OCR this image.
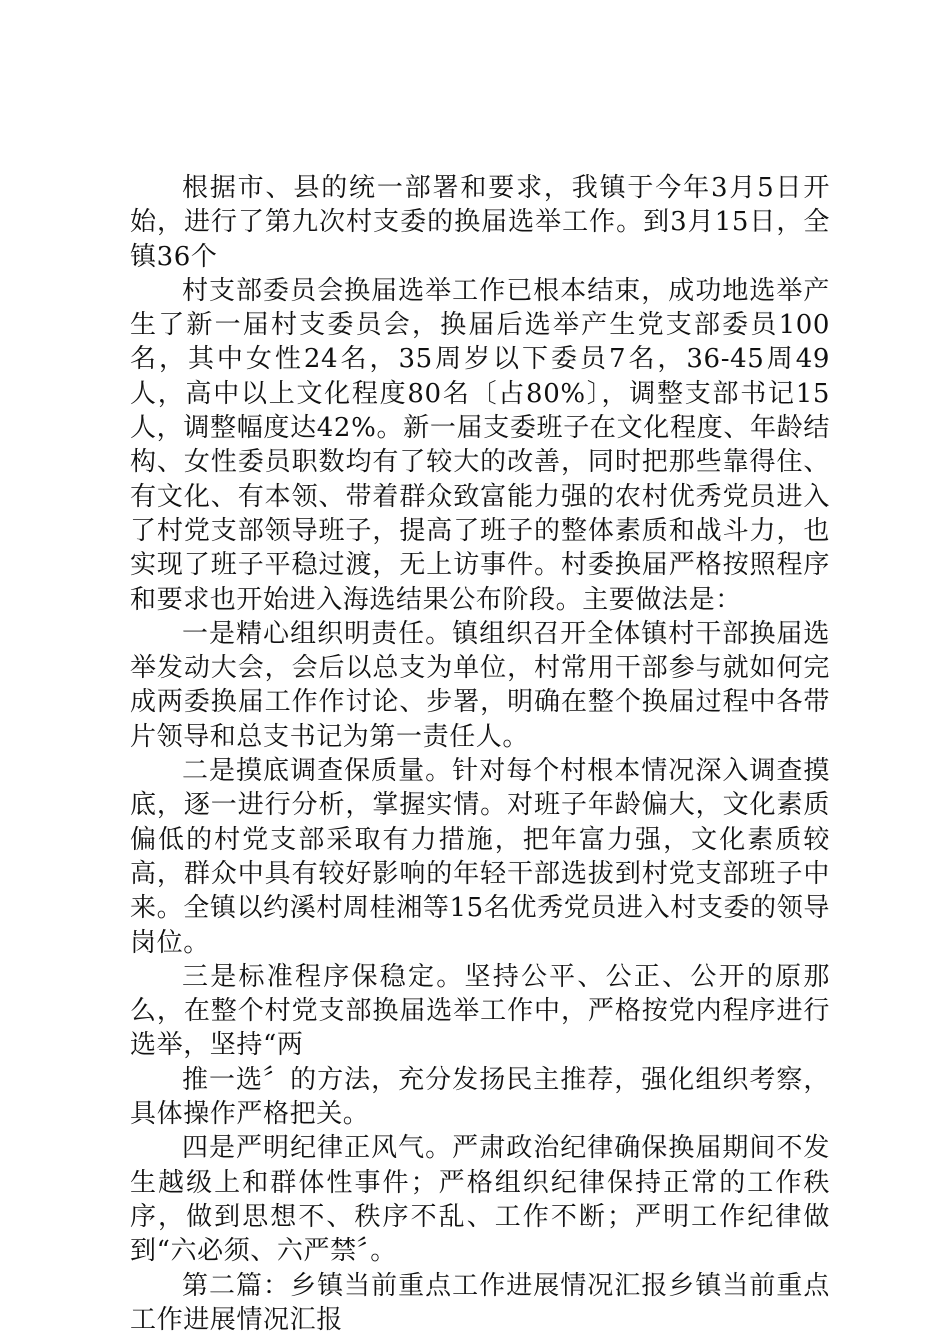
根据市、县的统一部署和要求，我镇于今年3月5日开始，进行了第九次村支委的换届选举工作。到3月15日，全镇36个

村支部委员会换届选举工作已根本结束，成功地选举产生了新一届村支委员会，换届后选举产生党支部委员100名，其中女性24名，35周岁以下委员7名，36-45周49人，高中以上文化程度80名〔占80%〕，调整支部书记15人，调整幅度达42%。新一届支委班子在文化程度、年龄结构、女性委员职数均有了较大的改善，同时把那些靠得住、有文化、有本领、带着群众致富能力强的农村优秀党员进入了村党支部领导班子，提高了班子的整体素质和战斗力，也实现了班子平稳过渡，无上访事件。村委换届严格按照程序和要求也开始进入海选结果公布阶段。主要做法是：

一是精心组织明责任。镇组织召开全体镇村干部换届选举发动大会，会后以总支为单位，村常用干部参与就如何完成两委换届工作作讨论、步署，明确在整个换届过程中各带片领导和总支书记为第一责任人。

二是摸底调查保质量。针对每个村根本情况深入调查摸底，逐一进行分析，掌握实情。对班子年龄偏大，文化素质偏低的村党支部采取有力措施，把年富力强，文化素质较高，群众中具有较好影响的年轻干部选拔到村党支部班子中来。全镇以约溪村周桂湘等15名优秀党员进入村支委的领导岗位。

三是标准程序保稳定。坚持公平、公正、公开的原那么，在整个村党支部换届选举工作中，严格按党内程序进行选举，坚持“两

推一选〞的方法，充分发扬民主推荐，强化组织考察，具体操作严格把关。

四是严明纪律正风气。严肃政治纪律确保换届期间不发生越级上和群体性事件；严格组织纪律保持正常的工作秩序，做到思想不、秩序不乱、工作不断；严明工作纪律做到“六必须、六严禁〞。

第二篇：乡镇当前重点工作进展情况汇报乡镇当前重点工作进展情况汇报
